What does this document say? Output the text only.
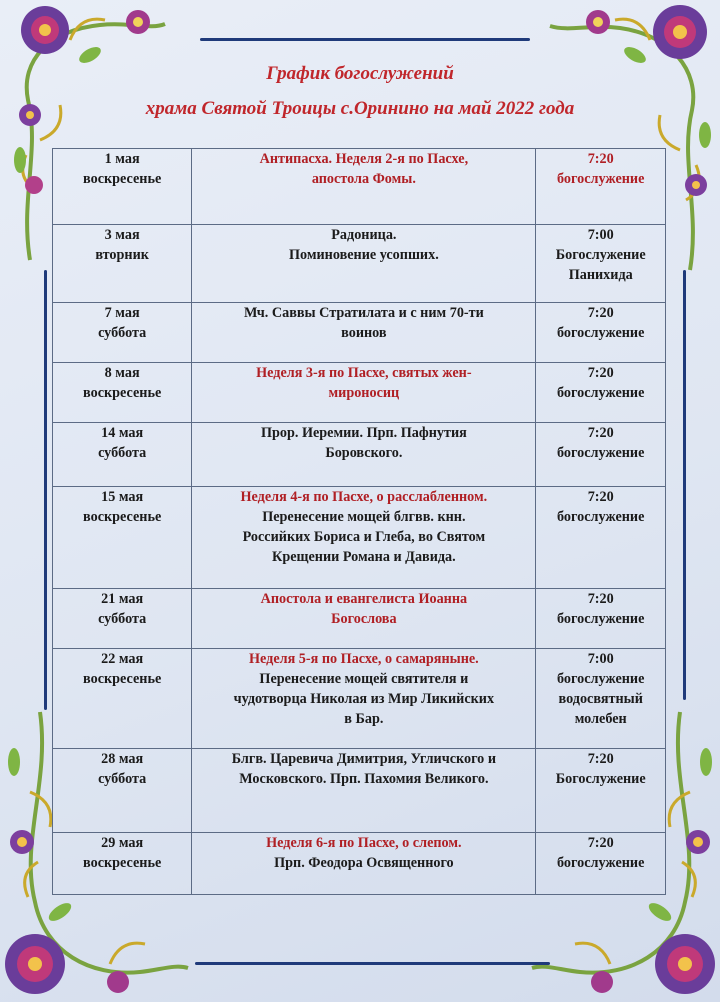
График богослужений
храма Святой Троицы с.Оринино на май 2022 года
1 мая
воскресенье	Антипасха. Неделя 2-я по Пасхе,
апостола Фомы.	7:20
богослужение

3 мая
вторник	Радоница.
Поминовение усопших.	7:00
Богослужение
Панихида

7 мая
суббота	Мч. Саввы Стратилата и с ним 70-ти
воинов	7:20
богослужение

8 мая
воскресенье	Неделя 3-я по Пасхе, святых жен-
мироносиц	7:20
богослужение

14 мая
суббота	Прор. Иеремии. Прп. Пафнутия
Боровского.	7:20
богослужение

15 мая
воскресенье	Неделя 4-я по Пасхе, о расслабленном.
Перенесение мощей блгвв. кнн.
Российких Бориса и Глеба, во Святом
Крещении Романа и Давида.	7:20
богослужение

21 мая
суббота	Апостола и евангелиста Иоанна
Богослова	7:20
богослужение

22 мая
воскресенье	Неделя 5-я по Пасхе, о самаряныне.
Перенесение мощей святителя и
чудотворца Николая из Мир Ликийских
в Бар.	7:00
богослужение
водосвятный
молебен

28 мая
суббота	Блгв. Царевича Димитрия, Угличского и
Московского. Прп. Пахомия Великого.	7:20
Богослужение

29 мая
воскресенье	Неделя 6-я по Пасхе, о слепом.
Прп. Феодора Освященного	7:20
богослужение
